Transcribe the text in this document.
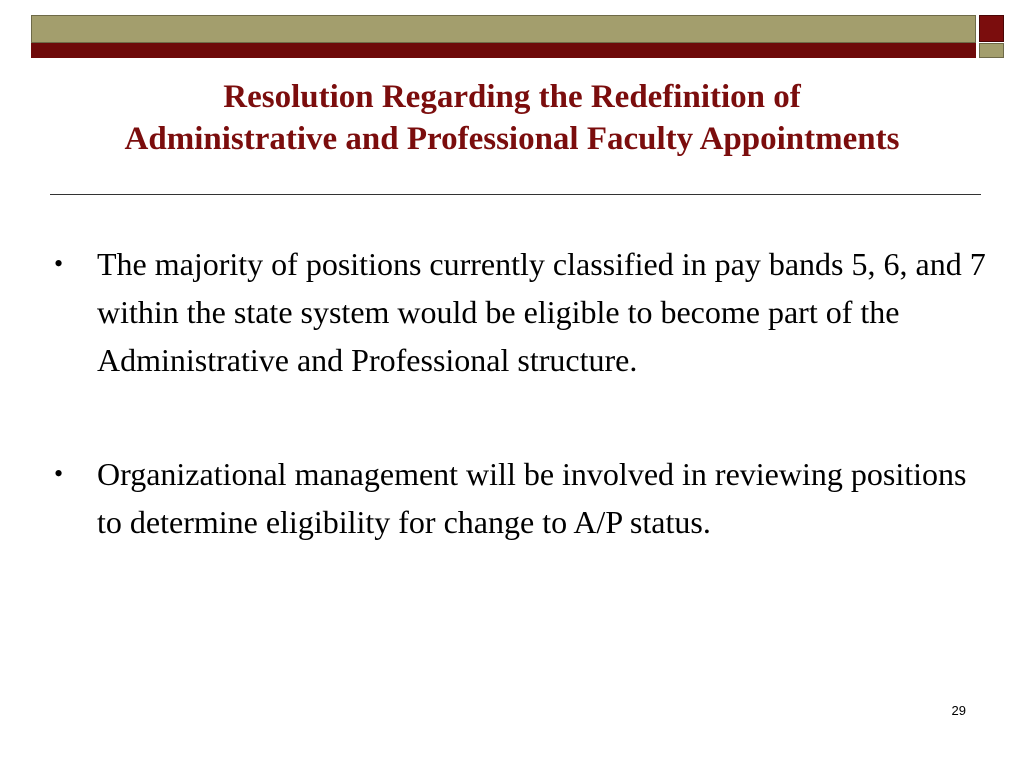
Resolution Regarding the Redefinition of
Administrative and Professional Faculty Appointments
• The majority of positions currently classified in pay bands 5, 6, and 7 within the state system would be eligible to become part of the Administrative and Professional structure.
• Organizational management will be involved in reviewing positions to determine eligibility for change to A/P status.
29
